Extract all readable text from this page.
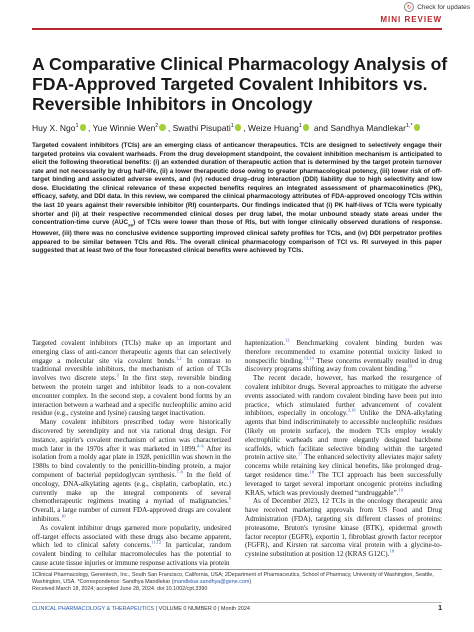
↻ Check for updates
MINI REVIEW
A Comparative Clinical Pharmacology Analysis of FDA-Approved Targeted Covalent Inhibitors vs. Reversible Inhibitors in Oncology
Huy X. Ngo$^1$ , Yue Winnie Wen$^2$ , Swathi Pisupati$^1$ , Weize Huang$^1$ and Sandhya Mandlekar$^{1,*}$
Targeted covalent inhibitors (TCIs) are an emerging class of anticancer therapeutics. TCIs are designed to selectively engage their targeted proteins via covalent warheads. From the drug development standpoint, the covalent inhibition mechanism is anticipated to elicit the following theoretical benefits: (i) an extended duration of therapeutic action that is determined by the target protein turnover rate and not necessarily by drug half-life, (ii) a lower therapeutic dose owing to greater pharmacological potency, (iii) lower risk of off-target binding and associated adverse events, and (iv) reduced drug–drug interaction (DDI) liability due to high selectivity and low dose. Elucidating the clinical relevance of these expected benefits requires an integrated assessment of pharmacokinetics (PK), efficacy, safety, and DDI data. In this review, we compared the clinical pharmacology attributes of FDA-approved oncology TCIs within the last 10 years against their reversible inhibitor (RI) counterparts. Our findings indicated that (i) PK half-lives of TCIs were typically shorter and (ii) at their respective recommended clinical doses per drug label, the molar unbound steady state areas under the concentration-time curve $(AUC_{ss})$ of TCIs were lower than those of RIs, but with longer clinically observed durations of response. However, (iii) there was no conclusive evidence supporting improved clinical safety profiles for TCIs, and (iv) DDI perpetrator profiles appeared to be similar between TCIs and RIs. The overall clinical pharmacology comparison of TCI vs. RI surveyed in this paper suggested that at least two of the four forecasted clinical benefits were achieved by TCIs.

Targeted covalent inhibitors (TCIs) make up an important and emerging class of anti-cancer therapeutic agents that can selectively engage a molecular site via covalent bonds.$^{1,2}$ In contrast to traditional reversible inhibitors, the mechanism of action of TCIs involves two discrete steps.$^3$ In the first step, reversible binding between the protein target and inhibitor leads to a non-covalent encounter complex. In the second step, a covalent bond forms by an interaction between a warhead and a specific nucleophilic amino acid residue (e.g., cysteine and lysine) causing target inactivation.

Many covalent inhibitors prescribed today were historically discovered by serendipity and not via rational drug design. For instance, aspirin's covalent mechanism of action was characterized much later in the 1970s after it was marketed in 1899.$^{4-6}$ After its isolation from a moldy agar plate in 1928, penicillin was shown in the 1980s to bind covalently to the penicillin-binding protein, a major component of bacterial peptidoglycan synthesis.$^{7-9}$ In the field of oncology, DNA-alkylating agents (e.g., cisplatin, carboplatin, etc.) currently make up the integral components of several chemotherapeutic regimens treating a myriad of malignancies.$^6$ Overall, a large number of current FDA-approved drugs are covalent inhibitors.$^{10}$

As covalent inhibitor drugs garnered more popularity, undesired off-target effects associated with these drugs also became apparent, which led to clinical safety concerns.$^{11,12}$ In particular, random covalent binding to cellular macromolecules has the potential to cause acute tissue injuries or immune response activations via protein

haptenization.$^{12}$ Benchmarking covalent binding burden was therefore recommended to examine potential toxicity linked to nonspecific binding.$^{13,14}$ These concerns eventually resulted in drug discovery programs shifting away from covalent binding.$^{15}$

The recent decade, however, has marked the resurgence of covalent inhibitor drugs. Several approaches to mitigate the adverse events associated with random covalent binding have been put into practice, which stimulated further advancement of covalent inhibitors, especially in oncology.$^{3,16}$ Unlike the DNA-alkylating agents that bind indiscriminately to accessible nucleophilic residues (likely on protein surface), the modern TCIs employ weakly electrophilic warheads and more elegantly designed backbone scaffolds, which facilitate selective binding within the targeted protein active site.$^{17}$ The enhanced selectivity alleviates major safety concerns while retaining key clinical benefits, like prolonged drug-target residence time.$^{18}$ The TCI approach has been successfully leveraged to target several important oncogenic proteins including KRAS, which was previously deemed “undruggable”.$^{19}$

As of December 2023, 12 TCIs in the oncology therapeutic area have received marketing approvals from US Food and Drug Administration (FDA), targeting six different classes of proteins: proteasome, Bruton's tyrosine kinase (BTK), epidermal growth factor receptor (EGFR), exportin 1, fibroblast growth factor receptor (FGFR), and Kirsten rat sarcoma viral protein with a glycine-to-cysteine substitution at position 12 (KRAS G12C).$^{18}$

1Clinical Pharmacology, Genentech, Inc., South San Francisco, California, USA; 2Department of Pharmaceutics, School of Pharmacy, University of Washington, Seattle, Washington, USA. *Correspondence: Sandhya Mandlekar (mandlekar.sandhya@gene.com)
Received March 18, 2024; accepted June 28, 2024. doi:10.1002/cpt.3390
CLINICAL PHARMACOLOGY & THERAPEUTICS | VOLUME 0 NUMBER 0 | Month 2024	1
